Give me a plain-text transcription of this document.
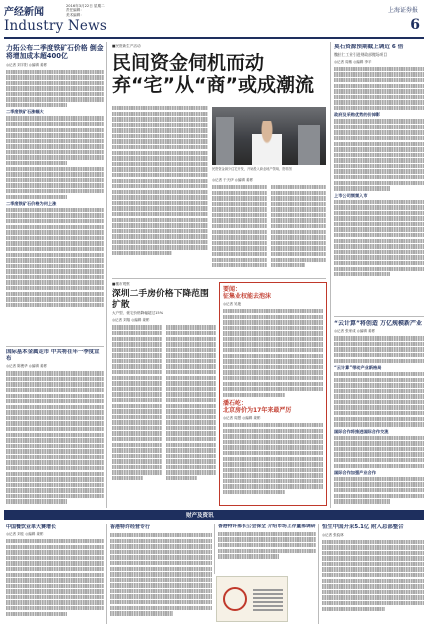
产经新闻
2016年3月22日 星期二
责任编辑：
美术编辑：
Industry News
上海证券报
6
力拓公布二季度铁矿石价格 倒金将增加成本超400亿
◎记者 刘宇阳 ◎编辑 姜彬
二季度铁矿石涨幅大
二季度铁矿石价格为何上涨
国际基本金属走市 中共将在年一季度宣布
◎记者 陈俊华 ◎编辑 姜彬
■民资新生产活动
民间资金伺机而动
弃“宅”从“商”或成潮流
民资资金减少住宅开发，开始投入商业地产领域，资料图
◎记者 于天伊 ◎编辑 姜彬
■楼市观察
深圳二手房价格下降范围扩散
大户型、豪宅价格降幅超过15%
◎记者 刘翔 ◎编辑 姜彬
要闻：
征集业权能去泡沫
◎记者 吴艳
潘石屹：
北京房价为17年来最严厉
◎记者 周慧 ◎编辑 姜彬
莫石资源预期截上调近 6 倍
魏拉仁工业引进财政部搬场项目
◎记者 周敏 ◎编辑 李平
政府及采购优势的价掉影
上市公司频频入市
“云计算”将创造 万亿规模新产业
◎记者 张家成 ◎编辑 姜彬
“云计算”带动产业新格局
国际合作将推进国际合作交流
国际合作加强产业合作
财产及资讯
中国餐饮业单大赛增长
◎记者 刘佳 ◎编辑 姜彬
香港特许经营专行	香港特许部长公会保全 介绍市场上存量部调研 恒生中国开采5.1亿 附入总部整合
◎记者 张骁林
